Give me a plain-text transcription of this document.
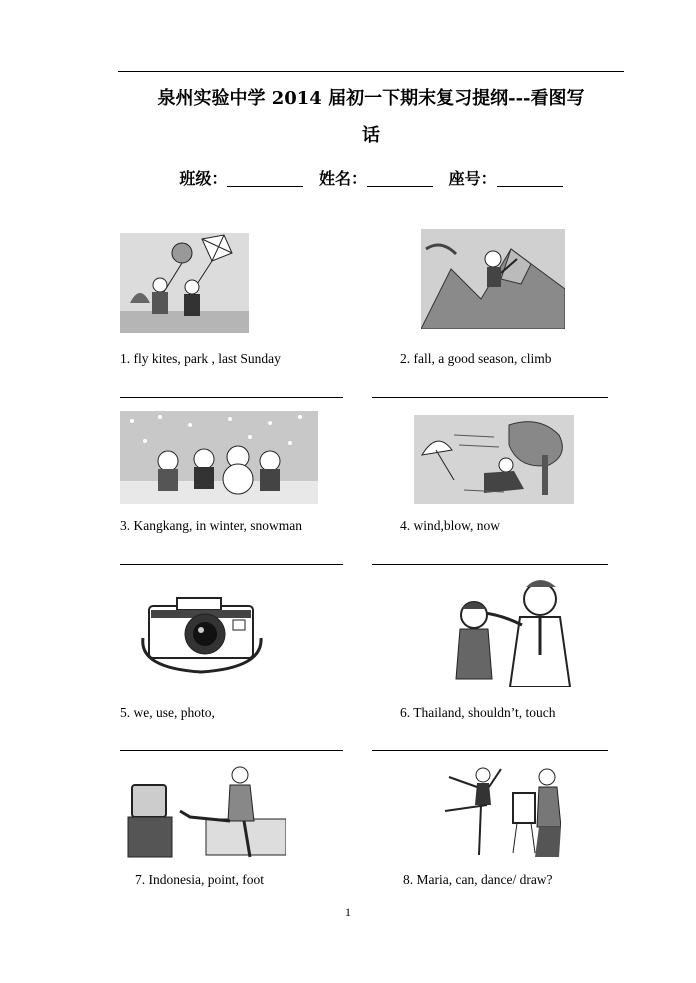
泉州实验中学 2014 届初一下期末复习提纲---看图写
话
班级：	姓名：	座号：
1. fly kites, park , last Sunday	2. fall, a good season, climb
3. Kangkang, in winter, snowman	4. wind,blow, now
5. we, use, photo,	6. Thailand, shouldn’t, touch
7. Indonesia, point, foot	8. Maria, can, dance/ draw?
1
